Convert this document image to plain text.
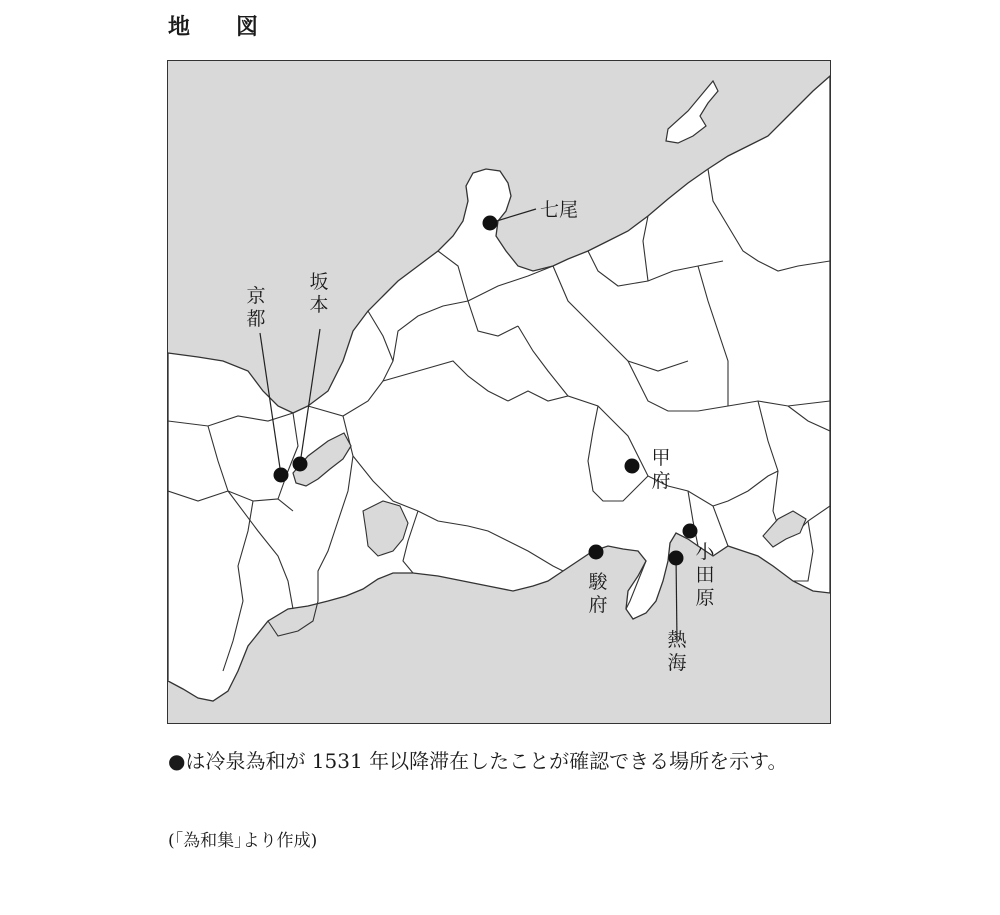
地　図
七尾
京都
坂本
甲府
駿府
小田原
熱海
●は冷泉為和が 1531 年以降滞在したことが確認できる場所を示す。
(｢為和集｣より作成)
